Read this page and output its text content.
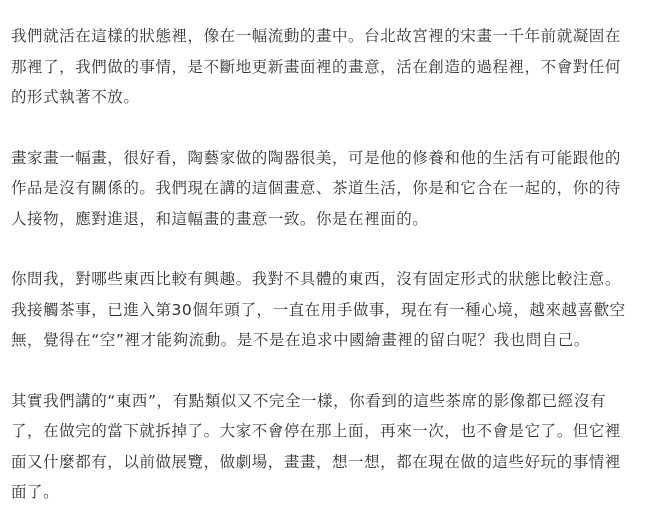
我們就活在這樣的狀態裡，像在一幅流動的畫中。台北故宮裡的宋畫一千年前就凝固在
那裡了，我們做的事情，是不斷地更新畫面裡的畫意，活在創造的過程裡，不會對任何
的形式執著不放。
畫家畫一幅畫，很好看，陶藝家做的陶器很美，可是他的修養和他的生活有可能跟他的
作品是沒有關係的。我們現在講的這個畫意、茶道生活，你是和它合在一起的，你的待
人接物，應對進退，和這幅畫的畫意一致。你是在裡面的。
你問我，對哪些東西比較有興趣。我對不具體的東西，沒有固定形式的狀態比較注意。
我接觸茶事，已進入第30個年頭了，一直在用手做事，現在有一種心境，越來越喜歡空
無，覺得在“空”裡才能夠流動。是不是在追求中國繪畫裡的留白呢？我也問自己。
其實我們講的“東西”，有點類似又不完全一樣，你看到的這些茶席的影像都已經沒有
了，在做完的當下就拆掉了。大家不會停在那上面，再來一次，也不會是它了。但它裡
面又什麼都有，以前做展覽，做劇場，畫畫，想一想，都在現在做的這些好玩的事情裡
面了。
